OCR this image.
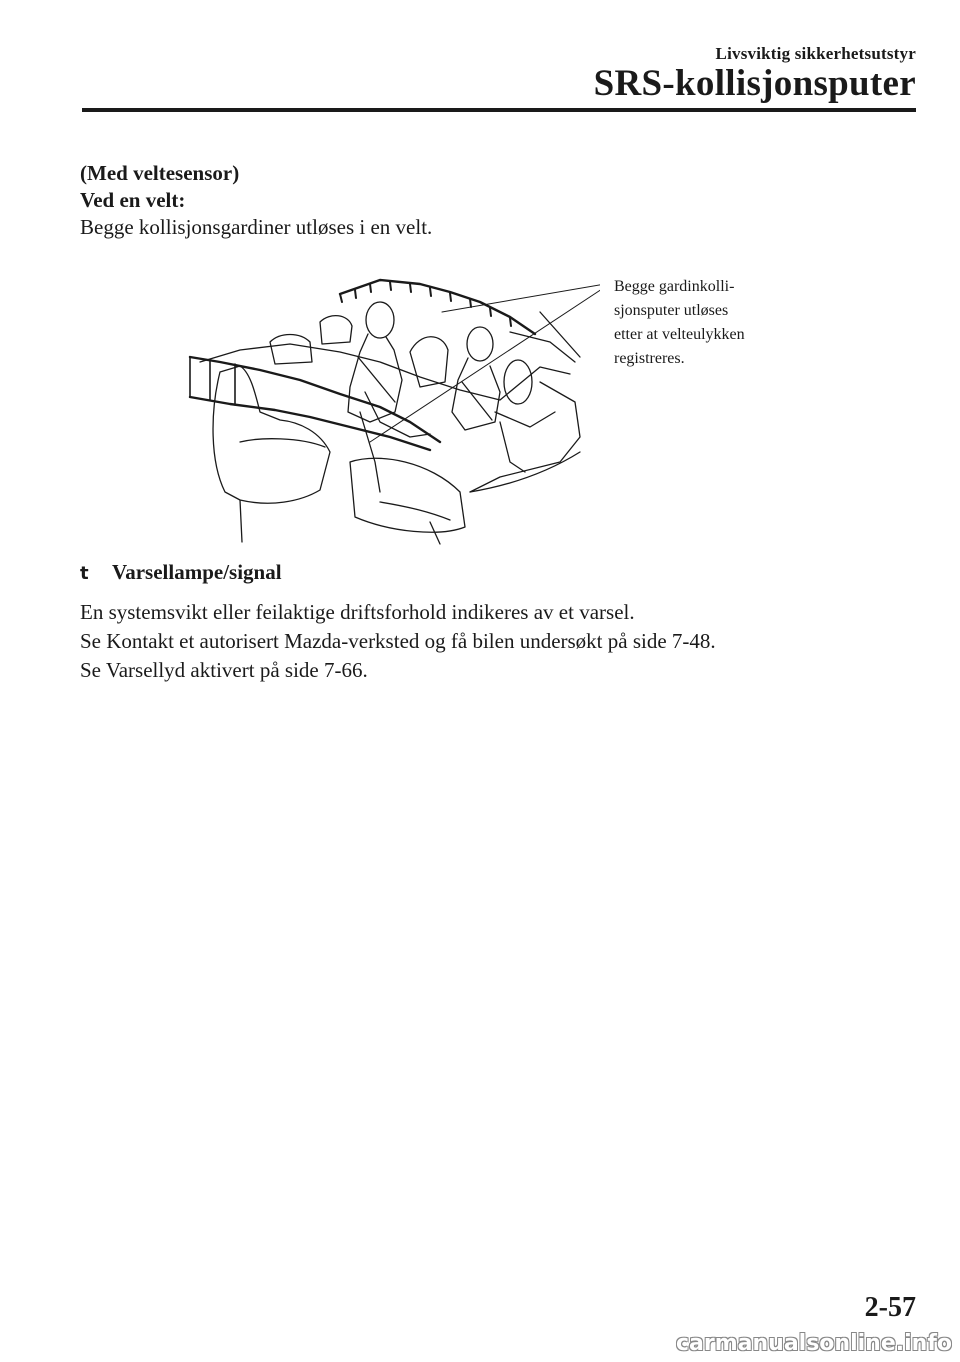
Livsviktig sikkerhetsutstyr
SRS-kollisjonsputer
(Med veltesensor)
Ved en velt:
Begge kollisjonsgardiner utløses i en velt.
Begge gardinkolli-
sjonsputer utløses
etter at velteulykken
registreres.
t Varsellampe/signal
En systemsvikt eller feilaktige driftsforhold indikeres av et varsel.
Se Kontakt et autorisert Mazda-verksted og få bilen undersøkt på side 7-48.
Se Varsellyd aktivert på side 7-66.
2-57
carmanualsonline.info
